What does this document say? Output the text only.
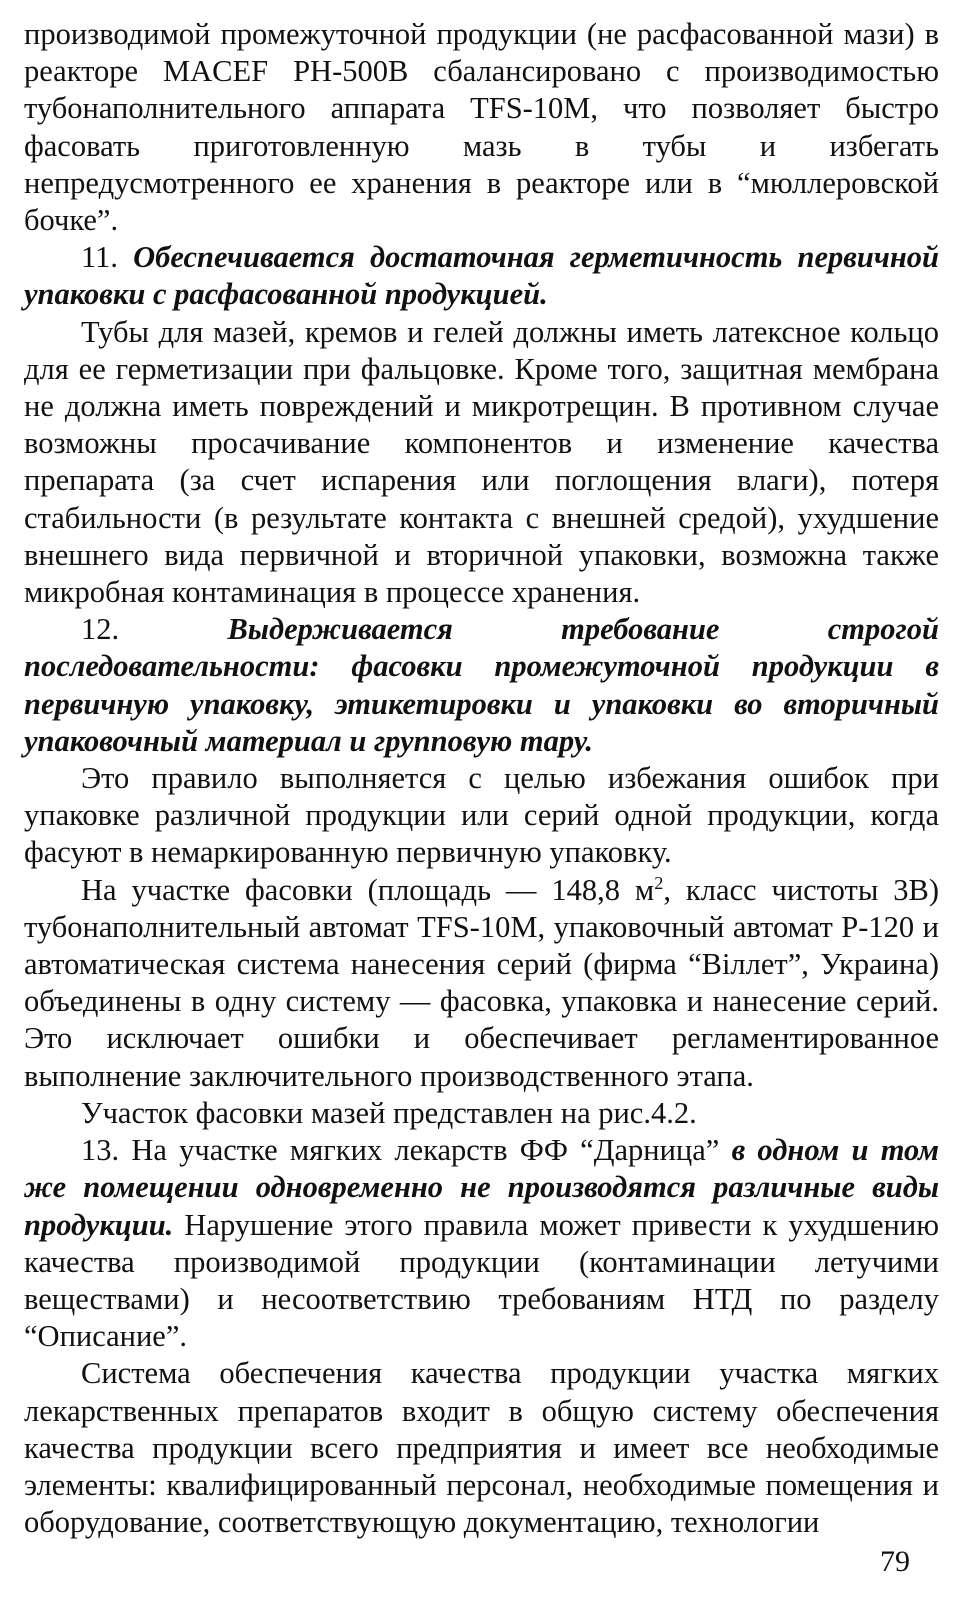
производимой промежуточной продукции (не расфасованной мази) в реакторе MACEF PH-500B сбалансировано с производимостью тубонаполнительного аппарата TFS-10M, что позволяет быстро фасовать приготовленную мазь в тубы и избегать непредусмотренного ее хранения в реакторе или в “мюллеровской бочке”.

11. Обеспечивается достаточная герметичность первичной упаковки с расфасованной продукцией.

Тубы для мазей, кремов и гелей должны иметь латексное кольцо для ее герметизации при фальцовке. Кроме того, защитная мембрана не должна иметь повреждений и микротрещин. В противном случае возможны просачивание компонентов и изменение качества препарата (за счет испарения или поглощения влаги), потеря стабильности (в результате контакта с внешней средой), ухудшение внешнего вида первичной и вторичной упаковки, возможна также микробная контаминация в процессе хранения.

12. Выдерживается требование строгой последовательности: фасовки промежуточной продукции в первичную упаковку, этикетировки и упаковки во вторичный упаковочный материал и групповую тару.

Это правило выполняется с целью избежания ошибок при упаковке различной продукции или серий одной продукции, когда фасуют в немаркированную первичную упаковку.

На участке фасовки (площадь — 148,8 $м^2$, класс чистоты 3В) тубонаполнительный автомат TFS-10M, упаковочный автомат Р-120 и автоматическая система нанесения серий (фирма “Віллет”, Украина) объединены в одну систему — фасовка, упаковка и нанесение серий. Это исключает ошибки и обеспечивает регламентированное выполнение заключительного производственного этапа.

Участок фасовки мазей представлен на рис.4.2.

13. На участке мягких лекарств ФФ “Дарница” в одном и том же помещении одновременно не производятся различные виды продукции. Нарушение этого правила может привести к ухудшению качества производимой продукции (контаминации летучими веществами) и несоответствию требованиям НТД по разделу “Описание”.

Система обеспечения качества продукции участка мягких лекарственных препаратов входит в общую систему обеспечения качества продукции всего предприятия и имеет все необходимые элементы: квалифицированный персонал, необходимые помещения и оборудование, соответствующую документацию, технологии

79
